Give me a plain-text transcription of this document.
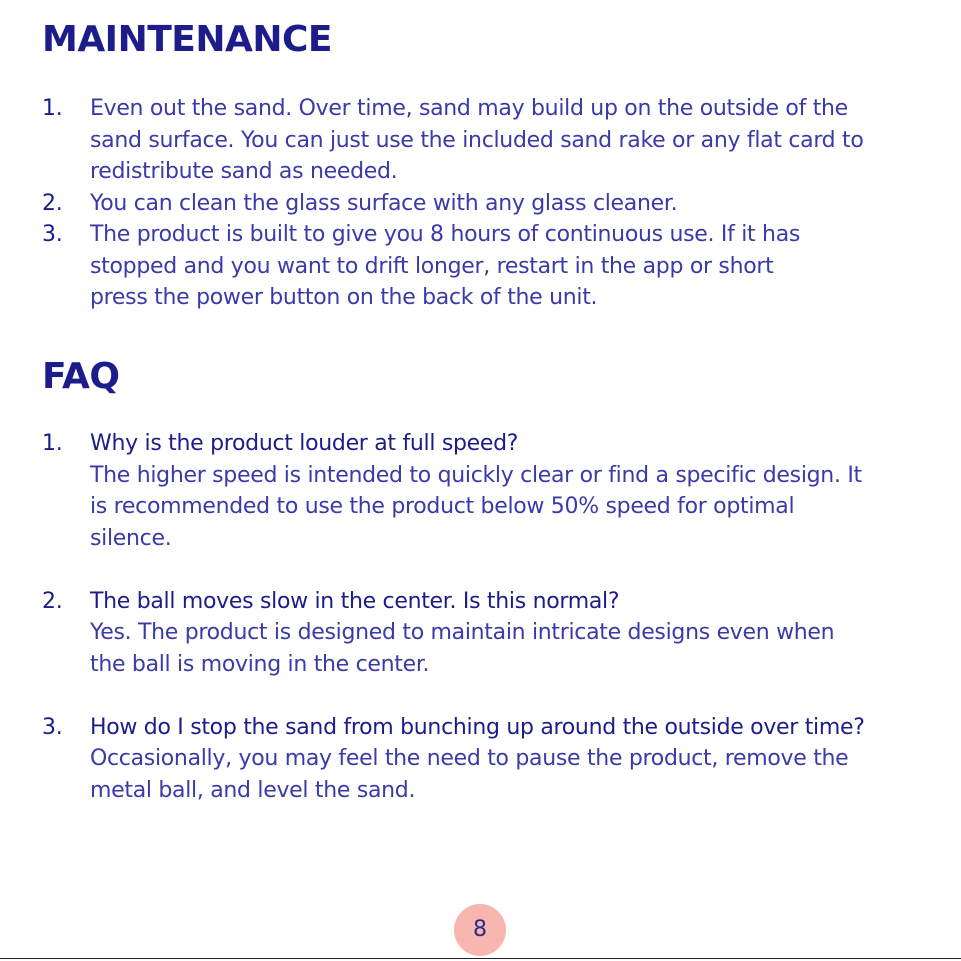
MAINTENANCE
1. Even out the sand. Over time, sand may build up on the outside of the sand surface. You can just use the included sand rake or any flat card to redistribute sand as needed.
2. You can clean the glass surface with any glass cleaner.
3. The product is built to give you 8 hours of continuous use. If it has stopped and you want to drift longer, restart in the app or short press the power button on the back of the unit.
FAQ
1. Why is the product louder at full speed?
The higher speed is intended to quickly clear or find a specific design. It is recommended to use the product below 50% speed for optimal silence.
2. The ball moves slow in the center. Is this normal?
Yes. The product is designed to maintain intricate designs even when the ball is moving in the center.
3. How do I stop the sand from bunching up around the outside over time?
Occasionally, you may feel the need to pause the product, remove the metal ball, and level the sand.
8
